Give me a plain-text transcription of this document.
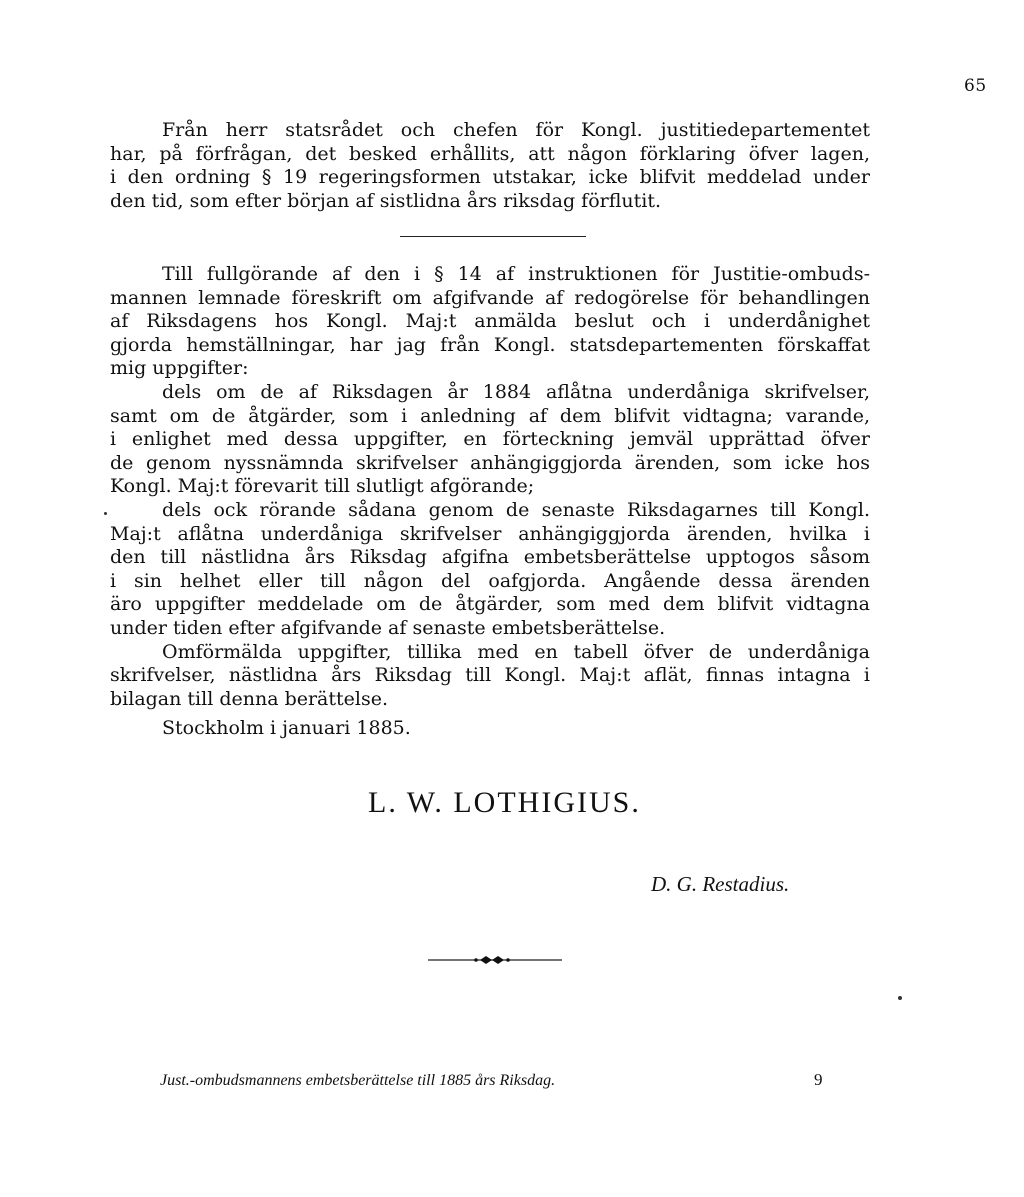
65
Från herr statsrådet och chefen för Kongl. justitiedepartementet
har, på förfrågan, det besked erhållits, att någon förklaring öfver lagen,
i den ordning § 19 regeringsformen utstakar, icke blifvit meddelad under
den tid, som efter början af sistlidna års riksdag förflutit.
Till fullgörande af den i § 14 af instruktionen för Justitie-ombuds-
mannen lemnade föreskrift om afgifvande af redogörelse för behandlingen
af Riksdagens hos Kongl. Maj:t anmälda beslut och i underdånighet
gjorda hemställningar, har jag från Kongl. statsdepartementen förskaffat
mig uppgifter:
dels om de af Riksdagen år 1884 aflåtna underdåniga skrifvelser,
samt om de åtgärder, som i anledning af dem blifvit vidtagna; varande,
i enlighet med dessa uppgifter, en förteckning jemväl upprättad öfver
de genom nyssnämnda skrifvelser anhängiggjorda ärenden, som icke hos
Kongl. Maj:t förevarit till slutligt afgörande;
dels ock rörande sådana genom de senaste Riksdagarnes till Kongl.
Maj:t aflåtna underdåniga skrifvelser anhängiggjorda ärenden, hvilka i
den till nästlidna års Riksdag afgifna embetsberättelse upptogos såsom
i sin helhet eller till någon del oafgjorda. Angående dessa ärenden
äro uppgifter meddelade om de åtgärder, som med dem blifvit vidtagna
under tiden efter afgifvande af senaste embetsberättelse.
Omförmälda uppgifter, tillika med en tabell öfver de underdåniga
skrifvelser, nästlidna års Riksdag till Kongl. Maj:t aflät, finnas intagna i
bilagan till denna berättelse.
Stockholm i januari 1885.
L. W. LOTHIGIUS.
D. G. Restadius.
Just.-ombudsmannens embetsberättelse till 1885 års Riksdag.	9
